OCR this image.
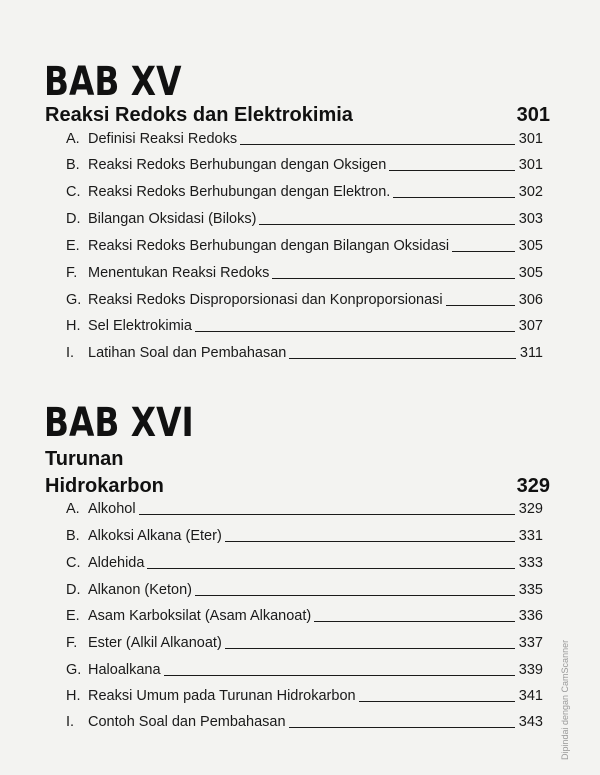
BAB XV
Reaksi Redoks dan Elektrokimia	301
A. Definisi Reaksi Redoks	301
B. Reaksi Redoks Berhubungan dengan Oksigen	301
C. Reaksi Redoks Berhubungan dengan Elektron.	302
D. Bilangan Oksidasi (Biloks)	303
E. Reaksi Redoks Berhubungan dengan Bilangan Oksidasi	305
F. Menentukan Reaksi Redoks	305
G. Reaksi Redoks Disproporsionasi dan Konproporsionasi	306
H. Sel Elektrokimia	307
I. Latihan Soal dan Pembahasan	311
BAB XVI
Turunan
Hidrokarbon	329
A. Alkohol	329
B. Alkoksi Alkana (Eter)	331
C. Aldehida	333
D. Alkanon (Keton)	335
E. Asam Karboksilat (Asam Alkanoat)	336
F. Ester (Alkil Alkanoat)	337
G. Haloalkana	339
H. Reaksi Umum pada Turunan Hidrokarbon	341
I. Contoh Soal dan Pembahasan	343 Dipindai dengan CamScanner
